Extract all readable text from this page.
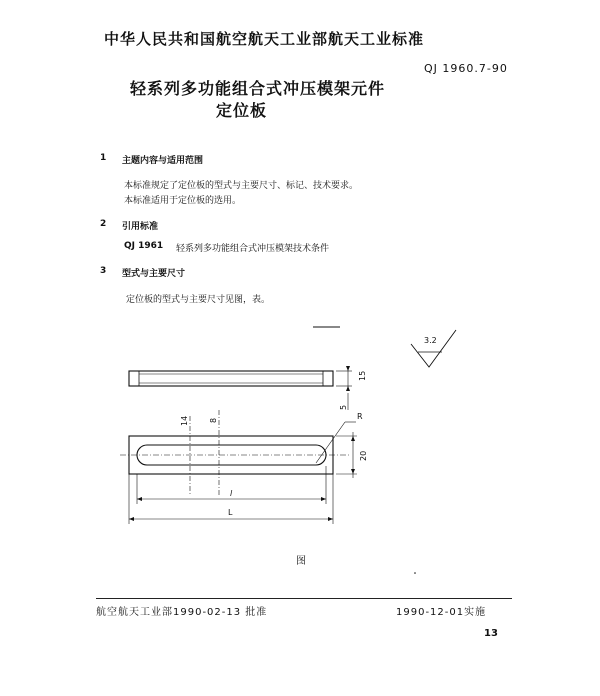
中华人民共和国航空航天工业部航天工业标准
QJ 1960.7-90
轻系列多功能组合式冲压模架元件
定位板
1 主题内容与适用范围
本标准规定了定位板的型式与主要尺寸、标记、技术要求。
本标准适用于定位板的选用。
2 引用标准
QJ 1961 轻系列多功能组合式冲压模架技术条件
3 型式与主要尺寸
定位板的型式与主要尺寸见图，表。
3.2
15
5
14	8	R
20
l
L
图
航空航天工业部1990-02-13 批准	1990-12-01实施
13
